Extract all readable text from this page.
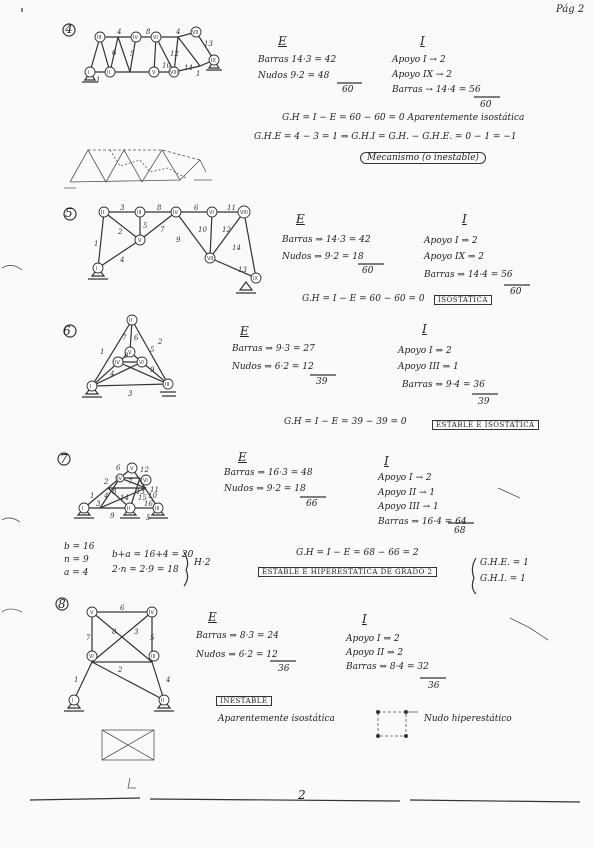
III	IV	VI
VII
I	II	V	VIII
IX
4	8	4
13
1
6 5
10 14
12
1
II	III	IV	VI	VIII
V
VII
I
IX
3	8	6	11
1
2
5 7	10 12
14
4
9
13
II
V
IV	VI
I	III
7 6
8
5
4	9
1
2
3
V
IV	VI
I	II	III
6
7
12
2
8	13
4 14 15
1
3
10
11
16
9	5
V	IV
VI	III
I	II
6
5
7
8	3
2
1	4
Pág 2
4
E	I
Barras 14·3 = 42
Nudos 9·2 = 48
60
Apoyo I → 2
Apoyo IX → 2
Barras → 14·4 = 56
60
G.H = I − E = 60 − 60 = 0 Aparentemente isostática
G.H.E = 4 − 3 = 1 ⇒ G.H.I = G.H. − G.H.E. = 0 − 1 = −1
Mecanismo (o inestable)
5	E	I
Barras ⇒ 14·3 = 42
Nudos ⇒ 9·2 = 18
60
Apoyo I ⇒ 2
Apoyo IX ⇒ 2
Barras ⇒ 14·4 = 56
60
G.H = I − E = 60 − 60 = 0	ISOSTÁTICA
6	E	I
Barras ⇒ 9·3 = 27
Nudos ⇒ 6·2 = 12
39
Apoyo I ⇒ 2
Apoyo III ⇒ 1
Barras ⇒ 9·4 = 36
39
G.H = I − E = 39 − 39 = 0	ESTABLE E ISOSTÁTICA
7	E	I
Barras ⇒ 16·3 = 48
Nudos ⇒ 9·2 = 18
66
Apoyo I → 2
Apoyo II → 1
Apoyo III → 1
Barras ⇒ 16·4 = 64
68
b = 16
n = 9
a = 4
b+a = 16+4 = 20
2·n = 2·9 = 18
H·2
G.H = I − E = 68 − 66 = 2
ESTABLE E HIPERESTÁTICA DE GRADO 2
G.H.E. = 1
G.H.I. = 1
8
E	I
Barras ⇒ 8·3 = 24
Nudos ⇒ 6·2 = 12
36
Apoyo I ⇒ 2
Apoyo II ⇒ 2
Barras ⇒ 8·4 = 32
36
INESTABLE
Aparentemente isostática	Nudo hiperestático
2
